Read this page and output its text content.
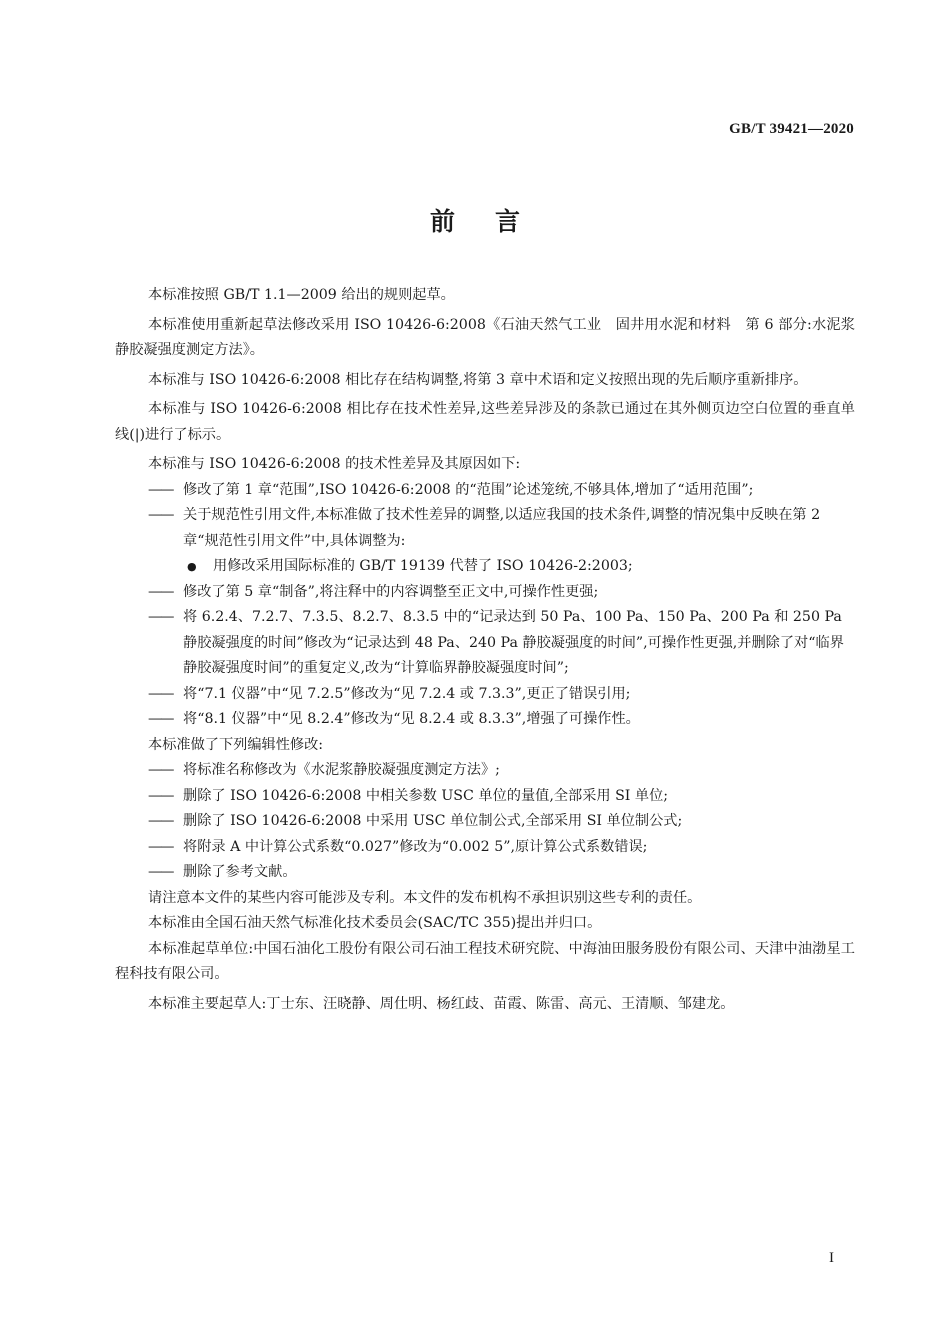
GB/T 39421—2020
前言

本标准按照 GB/T 1.1—2009 给出的规则起草。

本标准使用重新起草法修改采用 ISO 10426-6:2008《石油天然气工业　固井用水泥和材料　第 6 部分:水泥浆静胶凝强度测定方法》。

本标准与 ISO 10426-6:2008 相比存在结构调整,将第 3 章中术语和定义按照出现的先后顺序重新排序。

本标准与 ISO 10426-6:2008 相比存在技术性差异,这些差异涉及的条款已通过在其外侧页边空白位置的垂直单线(|)进行了标示。

本标准与 ISO 10426-6:2008 的技术性差异及其原因如下:

—— 修改了第 1 章“范围”,ISO 10426-6:2008 的“范围”论述笼统,不够具体,增加了“适用范围”;

—— 关于规范性引用文件,本标准做了技术性差异的调整,以适应我国的技术条件,调整的情况集中反映在第 2 章“规范性引用文件”中,具体调整为:

● 用修改采用国际标准的 GB/T 19139 代替了 ISO 10426-2:2003;

—— 修改了第 5 章“制备”,将注释中的内容调整至正文中,可操作性更强;

—— 将 6.2.4、7.2.7、7.3.5、8.2.7、8.3.5 中的“记录达到 50 Pa、100 Pa、150 Pa、200 Pa 和 250 Pa 静胶凝强度的时间”修改为“记录达到 48 Pa、240 Pa 静胶凝强度的时间”,可操作性更强,并删除了对“临界静胶凝强度时间”的重复定义,改为“计算临界静胶凝强度时间”;

—— 将“7.1 仪器”中“见 7.2.5”修改为“见 7.2.4 或 7.3.3”,更正了错误引用;

—— 将“8.1 仪器”中“见 8.2.4”修改为“见 8.2.4 或 8.3.3”,增强了可操作性。

本标准做了下列编辑性修改:

—— 将标准名称修改为《水泥浆静胶凝强度测定方法》;

—— 删除了 ISO 10426-6:2008 中相关参数 USC 单位的量值,全部采用 SI 单位;

—— 删除了 ISO 10426-6:2008 中采用 USC 单位制公式,全部采用 SI 单位制公式;

—— 将附录 A 中计算公式系数“0.027”修改为“0.002 5”,原计算公式系数错误;

—— 删除了参考文献。

请注意本文件的某些内容可能涉及专利。本文件的发布机构不承担识别这些专利的责任。

本标准由全国石油天然气标准化技术委员会(SAC/TC 355)提出并归口。

本标准起草单位:中国石油化工股份有限公司石油工程技术研究院、中海油田服务股份有限公司、天津中油渤星工程科技有限公司。

本标准主要起草人:丁士东、汪晓静、周仕明、杨红歧、苗霞、陈雷、高元、王清顺、邹建龙。

I
